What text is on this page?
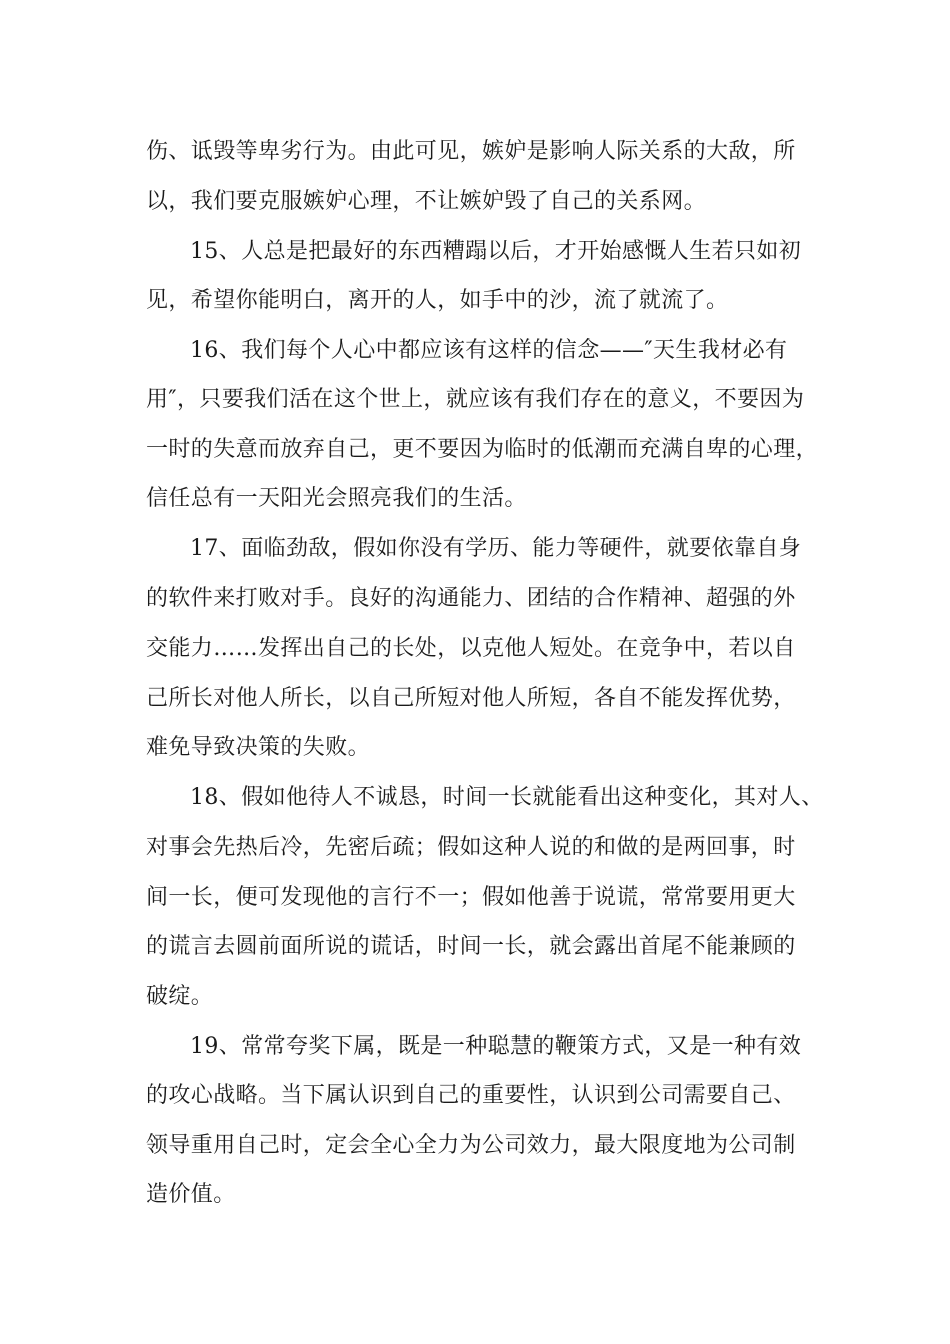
伤、诋毁等卑劣行为。由此可见，嫉妒是影响人际关系的大敌，所
以，我们要克服嫉妒心理，不让嫉妒毁了自己的关系网。
15、人总是把最好的东西糟蹋以后，才开始感慨人生若只如初
见，希望你能明白，离开的人，如手中的沙，流了就流了。
16、我们每个人心中都应该有这样的信念——″天生我材必有
用″，只要我们活在这个世上，就应该有我们存在的意义，不要因为
一时的失意而放弃自己，更不要因为临时的低潮而充满自卑的心理，
信任总有一天阳光会照亮我们的生活。
17、面临劲敌，假如你没有学历、能力等硬件，就要依靠自身
的软件来打败对手。良好的沟通能力、团结的合作精神、超强的外
交能力……发挥出自己的长处，以克他人短处。在竞争中，若以自
己所长对他人所长，以自己所短对他人所短，各自不能发挥优势，
难免导致决策的失败。
18、假如他待人不诚恳，时间一长就能看出这种变化，其对人、
对事会先热后冷，先密后疏；假如这种人说的和做的是两回事，时
间一长，便可发现他的言行不一；假如他善于说谎，常常要用更大
的谎言去圆前面所说的谎话，时间一长，就会露出首尾不能兼顾的
破绽。
19、常常夸奖下属，既是一种聪慧的鞭策方式，又是一种有效
的攻心战略。当下属认识到自己的重要性，认识到公司需要自己、
领导重用自己时，定会全心全力为公司效力，最大限度地为公司制
造价值。
